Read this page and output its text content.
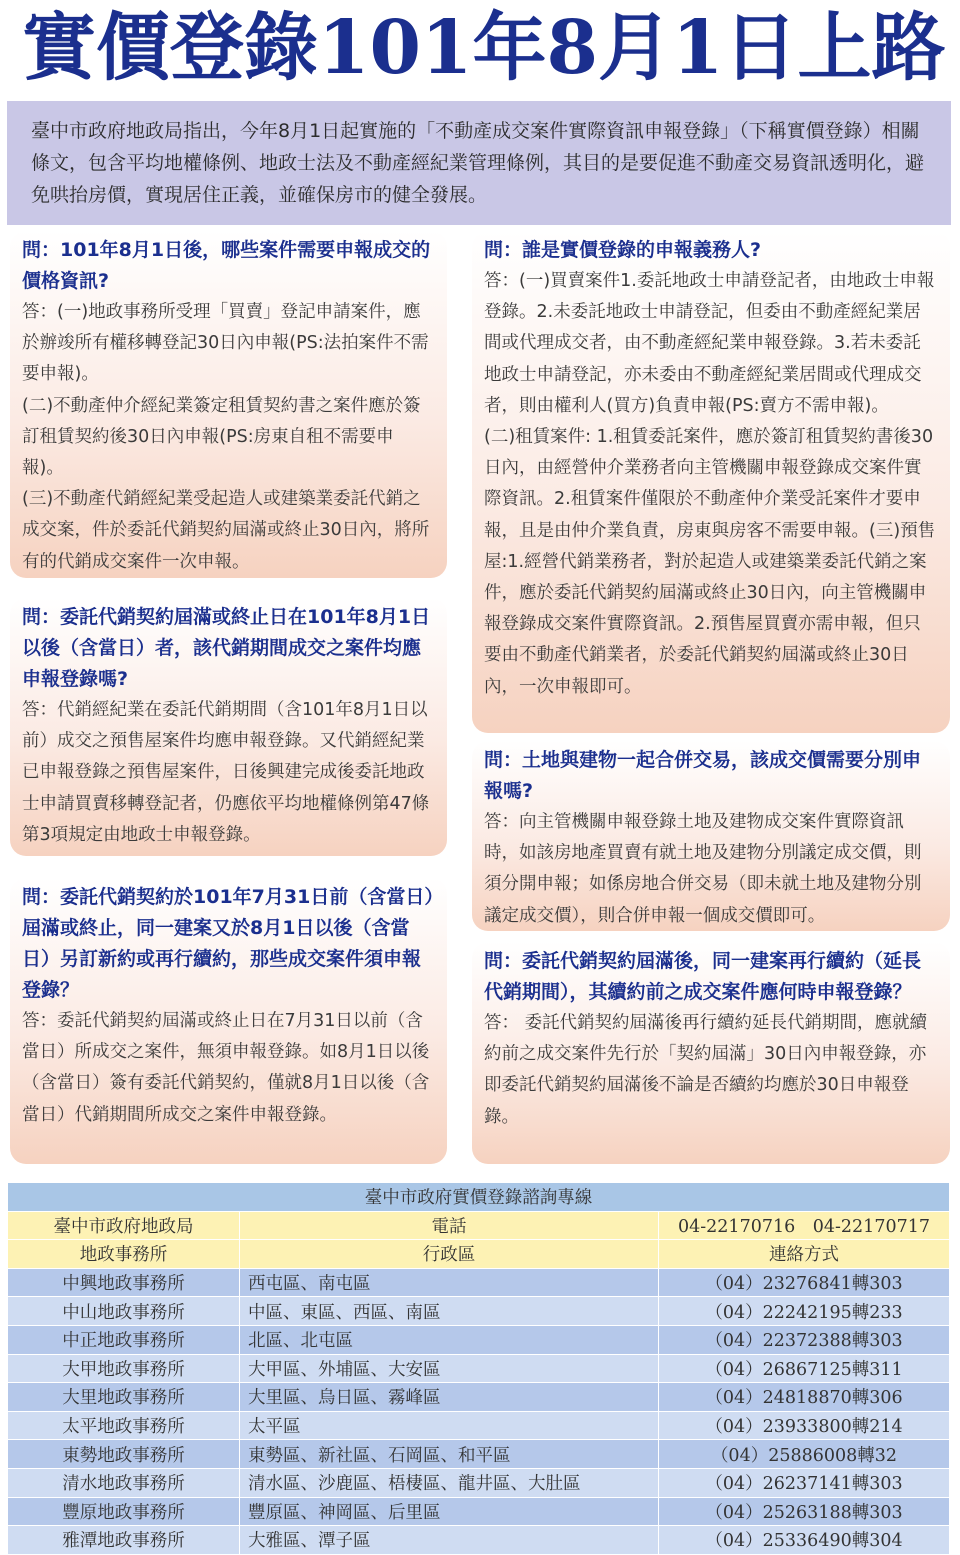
實價登錄101年8月1日上路
臺中市政府地政局指出，今年8月1日起實施的「不動產成交案件實際資訊申報登錄」（下稱實價登錄）相關條文，包含平均地權條例、地政士法及不動產經紀業管理條例，其目的是要促進不動產交易資訊透明化，避免哄抬房價，實現居住正義，並確保房市的健全發展。
問：101年8月1日後，哪些案件需要申報成交的價格資訊?
答：(一)地政事務所受理「買賣」登記申請案件，應於辦竣所有權移轉登記30日內申報(PS:法拍案件不需要申報)。
(二)不動產仲介經紀業簽定租賃契約書之案件應於簽訂租賃契約後30日內申報(PS:房東自租不需要申報)。
(三)不動產代銷經紀業受起造人或建築業委託代銷之成交案，件於委託代銷契約屆滿或終止30日內，將所有的代銷成交案件一次申報。
問：委託代銷契約屆滿或終止日在101年8月1日以後（含當日）者，該代銷期間成交之案件均應申報登錄嗎?
答：代銷經紀業在委託代銷期間（含101年8月1日以前）成交之預售屋案件均應申報登錄。又代銷經紀業已申報登錄之預售屋案件，日後興建完成後委託地政士申請買賣移轉登記者，仍應依平均地權條例第47條第3項規定由地政士申報登錄。
問：委託代銷契約於101年7月31日前（含當日）屆滿或終止，同一建案又於8月1日以後（含當日）另訂新約或再行續約，那些成交案件須申報登錄？
答：委託代銷契約屆滿或終止日在7月31日以前（含當日）所成交之案件，無須申報登錄。如8月1日以後（含當日）簽有委託代銷契約，僅就8月1日以後（含當日）代銷期間所成交之案件申報登錄。
問：誰是實價登錄的申報義務人?
答：(一)買賣案件1.委託地政士申請登記者，由地政士申報登錄。2.未委託地政士申請登記，但委由不動產經紀業居間或代理成交者，由不動產經紀業申報登錄。3.若未委託地政士申請登記，亦未委由不動產經紀業居間或代理成交者，則由權利人(買方)負責申報(PS:賣方不需申報)。
(二)租賃案件: 1.租賃委託案件，應於簽訂租賃契約書後30日內，由經營仲介業務者向主管機關申報登錄成交案件實際資訊。2.租賃案件僅限於不動產仲介業受託案件才要申報，且是由仲介業負責，房東與房客不需要申報。(三)預售屋:1.經營代銷業務者，對於起造人或建築業委託代銷之案件，應於委託代銷契約屆滿或終止30日內，向主管機關申報登錄成交案件實際資訊。2.預售屋買賣亦需申報，但只要由不動產代銷業者，於委託代銷契約屆滿或終止30日內，一次申報即可。
問：土地與建物一起合併交易，該成交價需要分別申報嗎?
答：向主管機關申報登錄土地及建物成交案件實際資訊時，如該房地產買賣有就土地及建物分別議定成交價，則須分開申報；如係房地合併交易（即未就土地及建物分別議定成交價），則合併申報一個成交價即可。
問：委託代銷契約屆滿後，同一建案再行續約（延長代銷期間），其續約前之成交案件應何時申報登錄？
答： 委託代銷契約屆滿後再行續約延長代銷期間，應就續約前之成交案件先行於「契約屆滿」30日內申報登錄，亦即委託代銷契約屆滿後不論是否續約均應於30日申報登錄。
臺中市政府實價登錄諮詢專線		
臺中市政府地政局	電話	04-22170716　04-22170717
地政事務所	行政區	連絡方式
中興地政事務所	西屯區、南屯區	（04）23276841轉303
中山地政事務所	中區、東區、西區、南區	（04）22242195轉233
中正地政事務所	北區、北屯區	（04）22372388轉303
大甲地政事務所	大甲區、外埔區、大安區	（04）26867125轉311
大里地政事務所	大里區、烏日區、霧峰區	（04）24818870轉306
太平地政事務所	太平區	（04）23933800轉214
東勢地政事務所	東勢區、新社區、石岡區、和平區	（04）25886008轉32
清水地政事務所	清水區、沙鹿區、梧棲區、龍井區、大肚區	（04）26237141轉303
豐原地政事務所	豐原區、神岡區、后里區	（04）25263188轉303
雅潭地政事務所	大雅區、潭子區	（04）25336490轉304
